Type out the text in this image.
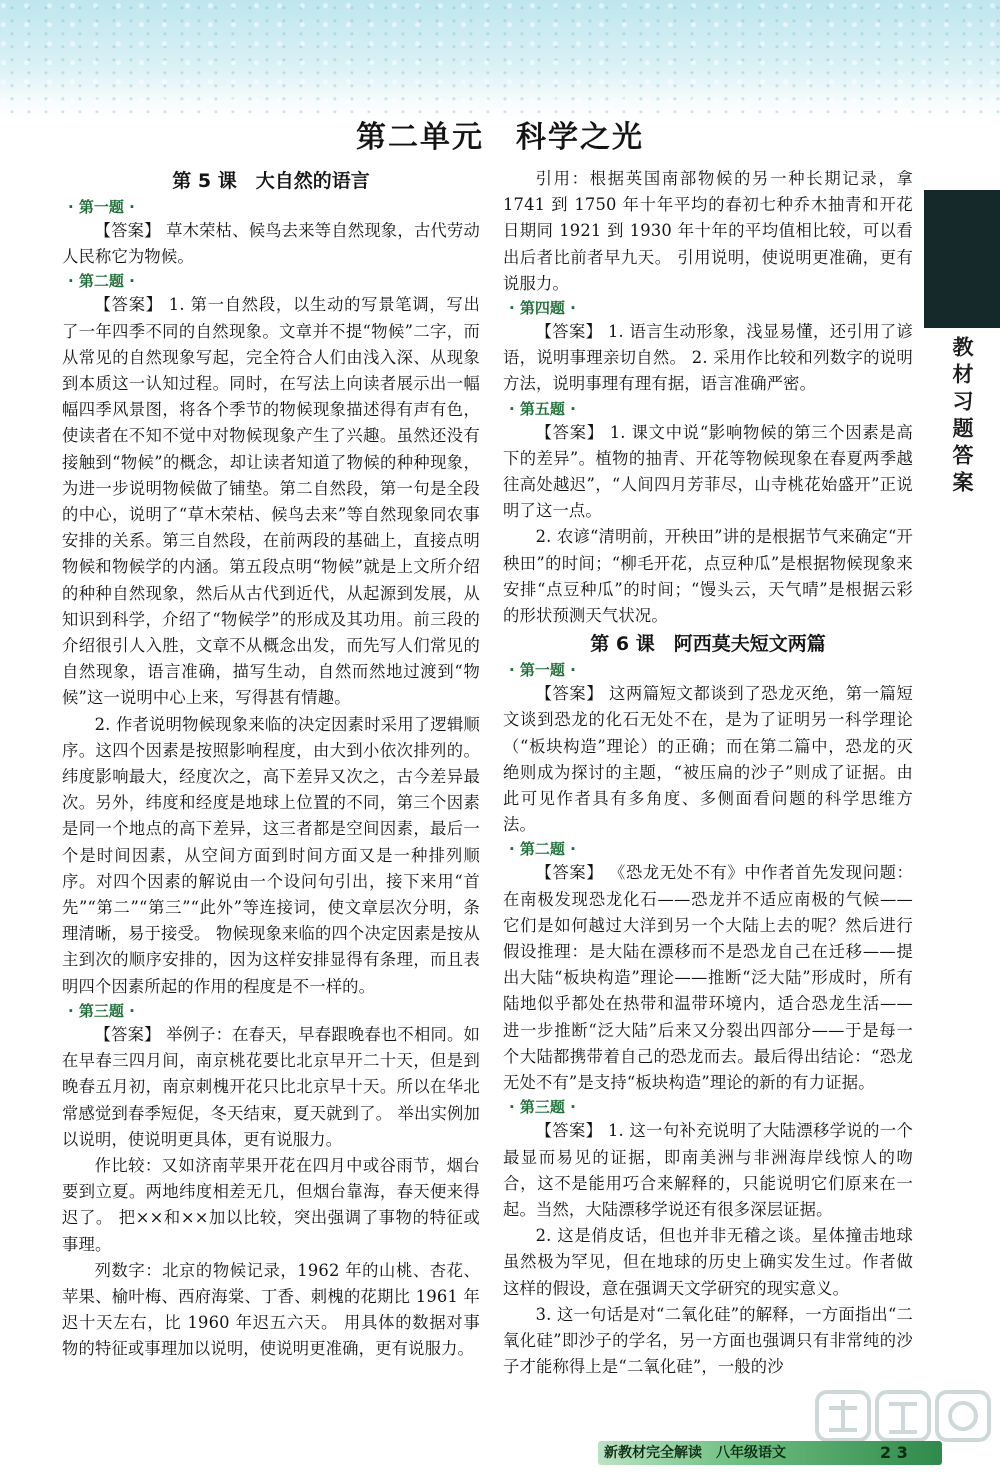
第二单元　科学之光
第 5 课　大自然的语言
· 第一题 ·

【答案】 草木荣枯、候鸟去来等自然现象，古代劳动人民称它为物候。

· 第二题 ·

【答案】 1. 第一自然段，以生动的写景笔调，写出了一年四季不同的自然现象。文章并不提“物候”二字，而从常见的自然现象写起，完全符合人们由浅入深、从现象到本质这一认知过程。同时，在写法上向读者展示出一幅幅四季风景图，将各个季节的物候现象描述得有声有色，使读者在不知不觉中对物候现象产生了兴趣。虽然还没有接触到“物候”的概念，却让读者知道了物候的种种现象，为进一步说明物候做了铺垫。第二自然段，第一句是全段的中心，说明了“草木荣枯、候鸟去来”等自然现象同农事安排的关系。第三自然段，在前两段的基础上，直接点明物候和物候学的内涵。第五段点明“物候”就是上文所介绍的种种自然现象，然后从古代到近代，从起源到发展，从知识到科学，介绍了“物候学”的形成及其功用。前三段的介绍很引人入胜，文章不从概念出发，而先写人们常见的自然现象，语言准确，描写生动，自然而然地过渡到“物候”这一说明中心上来，写得甚有情趣。

2. 作者说明物候现象来临的决定因素时采用了逻辑顺序。这四个因素是按照影响程度，由大到小依次排列的。纬度影响最大，经度次之，高下差异又次之，古今差异最次。另外，纬度和经度是地球上位置的不同，第三个因素是同一个地点的高下差异，这三者都是空间因素，最后一个是时间因素，从空间方面到时间方面又是一种排列顺序。对四个因素的解说由一个设问句引出，接下来用“首先”“第二”“第三”“此外”等连接词，使文章层次分明，条理清晰，易于接受。 物候现象来临的四个决定因素是按从主到次的顺序安排的，因为这样安排显得有条理，而且表明四个因素所起的作用的程度是不一样的。

· 第三题 ·

【答案】 举例子：在春天，早春跟晚春也不相同。如在早春三四月间，南京桃花要比北京早开二十天，但是到晚春五月初，南京刺槐开花只比北京早十天。所以在华北常感觉到春季短促，冬天结束，夏天就到了。 举出实例加以说明，使说明更具体，更有说服力。

作比较：又如济南苹果开花在四月中或谷雨节，烟台要到立夏。两地纬度相差无几，但烟台靠海，春天便来得迟了。 把××和××加以比较，突出强调了事物的特征或事理。

列数字：北京的物候记录，1962 年的山桃、杏花、苹果、榆叶梅、西府海棠、丁香、刺槐的花期比 1961 年迟十天左右，比 1960 年迟五六天。 用具体的数据对事物的特征或事理加以说明，使说明更准确，更有说服力。

引用：根据英国南部物候的另一种长期记录，拿 1741 到 1750 年十年平均的春初七种乔木抽青和开花日期同 1921 到 1930 年十年的平均值相比较，可以看出后者比前者早九天。 引用说明，使说明更准确，更有说服力。

· 第四题 ·

【答案】 1. 语言生动形象，浅显易懂，还引用了谚语，说明事理亲切自然。 2. 采用作比较和列数字的说明方法，说明事理有理有据，语言准确严密。

· 第五题 ·

【答案】 1. 课文中说“影响物候的第三个因素是高下的差异”。植物的抽青、开花等物候现象在春夏两季越往高处越迟”，“人间四月芳菲尽，山寺桃花始盛开”正说明了这一点。

2. 农谚“清明前，开秧田”讲的是根据节气来确定“开秧田”的时间；“柳毛开花，点豆种瓜”是根据物候现象来安排“点豆种瓜”的时间；“馒头云，天气晴”是根据云彩的形状预测天气状况。

第 6 课　阿西莫夫短文两篇
· 第一题 ·

【答案】 这两篇短文都谈到了恐龙灭绝，第一篇短文谈到恐龙的化石无处不在，是为了证明另一科学理论（“板块构造”理论）的正确；而在第二篇中，恐龙的灭绝则成为探讨的主题，“被压扁的沙子”则成了证据。由此可见作者具有多角度、多侧面看问题的科学思维方法。

· 第二题 ·

【答案】 《恐龙无处不有》中作者首先发现问题：在南极发现恐龙化石——恐龙并不适应南极的气候——它们是如何越过大洋到另一个大陆上去的呢？然后进行假设推理：是大陆在漂移而不是恐龙自己在迁移——提出大陆“板块构造”理论——推断“泛大陆”形成时，所有陆地似乎都处在热带和温带环境内，适合恐龙生活——进一步推断“泛大陆”后来又分裂出四部分——于是每一个大陆都携带着自己的恐龙而去。最后得出结论：“恐龙无处不有”是支持“板块构造”理论的新的有力证据。

· 第三题 ·

【答案】 1. 这一句补充说明了大陆漂移学说的一个最显而易见的证据，即南美洲与非洲海岸线惊人的吻合，这不是能用巧合来解释的，只能说明它们原来在一起。当然，大陆漂移学说还有很多深层证据。

2. 这是俏皮话，但也并非无稽之谈。星体撞击地球虽然极为罕见，但在地球的历史上确实发生过。作者做这样的假设，意在强调天文学研究的现实意义。

3. 这一句话是对“二氧化硅”的解释，一方面指出“二氧化硅”即沙子的学名，另一方面也强调只有非常纯的沙子才能称得上是“二氧化硅”，一般的沙

教材习题答案
新教材完全解读　八年级语文	2 3
